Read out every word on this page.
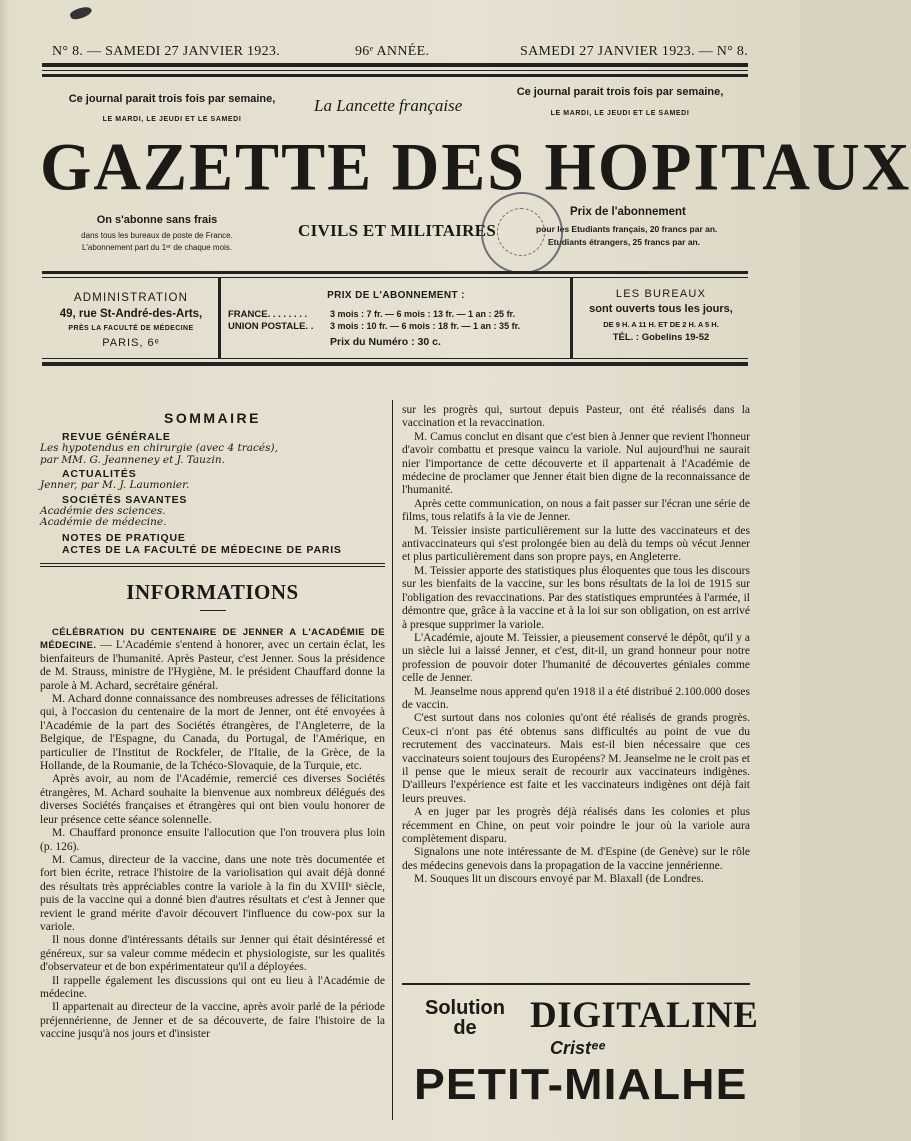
N° 8. — SAMEDI 27 JANVIER 1923.	96ᵉ ANNÉE.	SAMEDI 27 JANVIER 1923. — N° 8.
Ce journal parait trois fois par semaine,
LE MARDI, LE JEUDI ET LE SAMEDI
La Lancette française
Ce journal parait trois fois par semaine,
LE MARDI, LE JEUDI ET LE SAMEDI
GAZETTE DES HOPITAUX
On s'abonne sans frais
dans tous les bureaux de poste de France.
L'abonnement part du 1ᵉʳ de chaque mois.
CIVILS ET MILITAIRES
Prix de l'abonnement
pour les Etudiants français, 20 francs par an.
Etudiants étrangers, 25 francs par an.
ADMINISTRATION
49, rue St-André-des-Arts,
PRÈS LA FACULTÉ DE MÉDECINE
PARIS, 6ᵉ
PRIX DE L'ABONNEMENT :
FRANCE. . . . . . . .	3 mois : 7 fr. — 6 mois : 13 fr. — 1 an : 25 fr.
UNION POSTALE. . 3 mois : 10 fr. — 6 mois : 18 fr. — 1 an : 35 fr.
Prix du Numéro : 30 c.
LES BUREAUX
sont ouverts tous les jours,
DE 9 H. A 11 H. ET DE 2 H. A 5 H.
TÉL. : Gobelins 19-52
SOMMAIRE
REVUE GÉNÉRALE
Les hypotendus en chirurgie (avec 4 tracés), par MM. G. Jeanneney et J. Tauzin.
ACTUALITÉS
Jenner, par M. J. Laumonier.
SOCIÉTÉS SAVANTES
Académie des sciences.
Académie de médecine.
NOTES DE PRATIQUE
ACTES DE LA FACULTÉ DE MÉDECINE DE PARIS
INFORMATIONS

CÉLÉBRATION DU CENTENAIRE DE JENNER A L'ACADÉMIE DE MÉDECINE. — L'Académie s'entend à honorer, avec un certain éclat, les bienfaiteurs de l'humanité. Après Pasteur, c'est Jenner. Sous la présidence de M. Strauss, ministre de l'Hygiène, M. le président Chauffard donne la parole à M. Achard, secrétaire général.

M. Achard donne connaissance des nombreuses adresses de félicitations qui, à l'occasion du centenaire de la mort de Jenner, ont été envoyées à l'Académie de la part des Sociétés étrangères, de l'Angleterre, de la Belgique, de l'Espagne, du Canada, du Portugal, de l'Amérique, en particulier de l'Institut de Rockfeler, de l'Italie, de la Grèce, de la Hollande, de la Roumanie, de la Tchéco-Slovaquie, de la Turquie, etc.

Après avoir, au nom de l'Académie, remercié ces diverses Sociétés étrangères, M. Achard souhaite la bienvenue aux nombreux délégués des diverses Sociétés françaises et étrangères qui ont bien voulu honorer de leur présence cette séance solennelle.

M. Chauffard prononce ensuite l'allocution que l'on trouvera plus loin (p. 126).

M. Camus, directeur de la vaccine, dans une note très documentée et fort bien écrite, retrace l'histoire de la variolisation qui avait déjà donné des résultats très appréciables contre la variole à la fin du XVIIIᵉ siècle, puis de la vaccine qui a donné bien d'autres résultats et c'est à Jenner que revient le grand mérite d'avoir découvert l'influence du cow-pox sur la variole.

Il nous donne d'intéressants détails sur Jenner qui était désintéressé et généreux, sur sa valeur comme médecin et physiologiste, sur les qualités d'observateur et de bon expérimentateur qu'il a déployées.

Il rappelle également les discussions qui ont eu lieu à l'Académie de médecine.

Il appartenait au directeur de la vaccine, après avoir parlé de la période préjennérienne, de Jenner et de sa découverte, de faire l'histoire de la vaccine jusqu'à nos jours et d'insister

sur les progrès qui, surtout depuis Pasteur, ont été réalisés dans la vaccination et la revaccination.

M. Camus conclut en disant que c'est bien à Jenner que revient l'honneur d'avoir combattu et presque vaincu la variole. Nul aujourd'hui ne saurait nier l'importance de cette découverte et il appartenait à l'Académie de médecine de proclamer que Jenner était bien digne de la reconnaissance de l'humanité.

Après cette communication, on nous a fait passer sur l'écran une série de films, tous relatifs à la vie de Jenner.

M. Teissier insiste particulièrement sur la lutte des vaccinateurs et des antivaccinateurs qui s'est prolongée bien au delà du temps où vécut Jenner et plus particulièrement dans son propre pays, en Angleterre.

M. Teissier apporte des statistiques plus éloquentes que tous les discours sur les bienfaits de la vaccine, sur les bons résultats de la loi de 1915 sur l'obligation des revaccinations. Par des statistiques empruntées à l'armée, il démontre que, grâce à la vaccine et à la loi sur son obligation, on est arrivé à presque supprimer la variole.

L'Académie, ajoute M. Teissier, a pieusement conservé le dépôt, qu'il y a un siècle lui a laissé Jenner, et c'est, dit-il, un grand honneur pour notre profession de pouvoir doter l'humanité de découvertes géniales comme celle de Jenner.

M. Jeanselme nous apprend qu'en 1918 il a été distribué 2.100.000 doses de vaccin.

C'est surtout dans nos colonies qu'ont été réalisés de grands progrès. Ceux-ci n'ont pas été obtenus sans difficultés au point de vue du recrutement des vaccinateurs. Mais est-il bien nécessaire que ces vaccinateurs soient toujours des Européens? M. Jeanselme ne le croit pas et il pense que le mieux serait de recourir aux vaccinateurs indigènes. D'ailleurs l'expérience est faite et les vaccinateurs indigènes ont déjà fait leurs preuves.

A en juger par les progrès déjà réalisés dans les colonies et plus récemment en Chine, on peut voir poindre le jour où la variole aura complètement disparu.

Signalons une note intéressante de M. d'Espine (de Genève) sur le rôle des médecins genevois dans la propagation de la vaccine jennérienne.

M. Souques lit un discours envoyé par M. Blaxall (de Londres.

Solution
de	DIGITALINE
Cristᵉᵉ
PETIT-MIALHE
